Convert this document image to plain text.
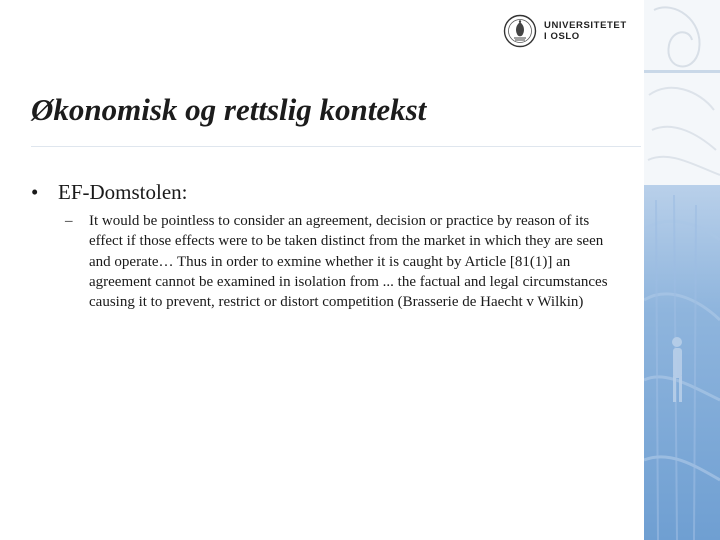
UNIVERSITETET
I OSLO
Økonomisk og rettslig kontekst
• EF-Domstolen:
– It would be pointless to consider an agreement, decision or practice by reason of its effect if those effects were to be taken distinct from the market in which they are seen and operate… Thus in order to exmine whether it is caught by Article [81(1)] an agreement cannot be examined in isolation from ... the factual and legal circumstances causing it to prevent, restrict or distort competition (Brasserie de Haecht v Wilkin)
